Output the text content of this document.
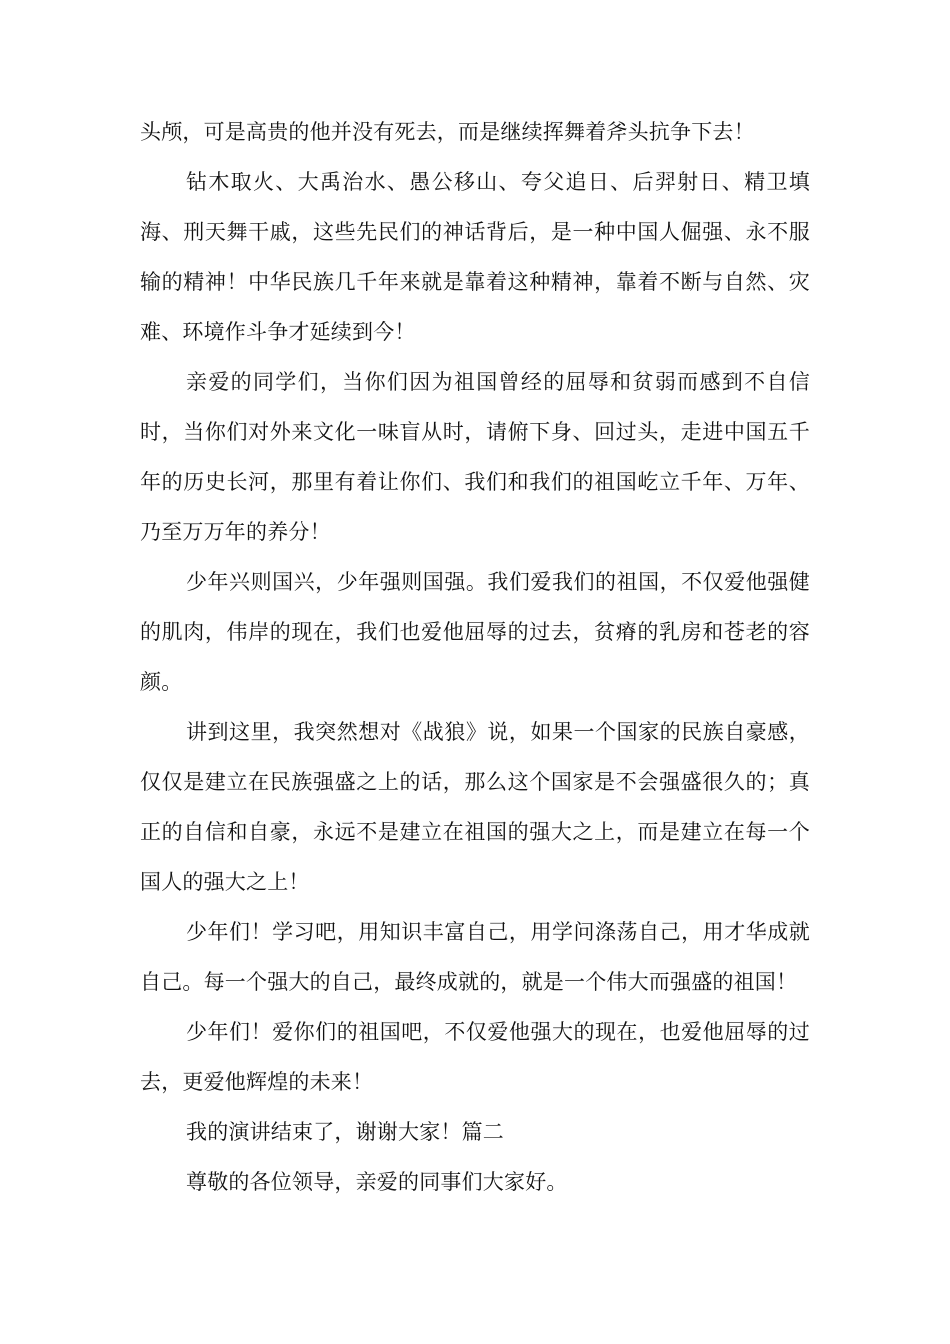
头颅，可是高贵的他并没有死去，而是继续挥舞着斧头抗争下去！

钻木取火、大禹治水、愚公移山、夸父追日、后羿射日、精卫填海、刑天舞干戚，这些先民们的神话背后，是一种中国人倔强、永不服输的精神！中华民族几千年来就是靠着这种精神，靠着不断与自然、灾难、环境作斗争才延续到今！

亲爱的同学们，当你们因为祖国曾经的屈辱和贫弱而感到不自信时，当你们对外来文化一味盲从时，请俯下身、回过头，走进中国五千年的历史长河，那里有着让你们、我们和我们的祖国屹立千年、万年、乃至万万年的养分！

少年兴则国兴，少年强则国强。我们爱我们的祖国，不仅爱他强健的肌肉，伟岸的现在，我们也爱他屈辱的过去，贫瘠的乳房和苍老的容颜。

讲到这里，我突然想对《战狼》说，如果一个国家的民族自豪感，仅仅是建立在民族强盛之上的话，那么这个国家是不会强盛很久的；真正的自信和自豪，永远不是建立在祖国的强大之上，而是建立在每一个国人的强大之上！

少年们！学习吧，用知识丰富自己，用学问涤荡自己，用才华成就自己。每一个强大的自己，最终成就的，就是一个伟大而强盛的祖国！

少年们！爱你们的祖国吧，不仅爱他强大的现在，也爱他屈辱的过去，更爱他辉煌的未来！

我的演讲结束了，谢谢大家！篇二

尊敬的各位领导，亲爱的同事们大家好。
